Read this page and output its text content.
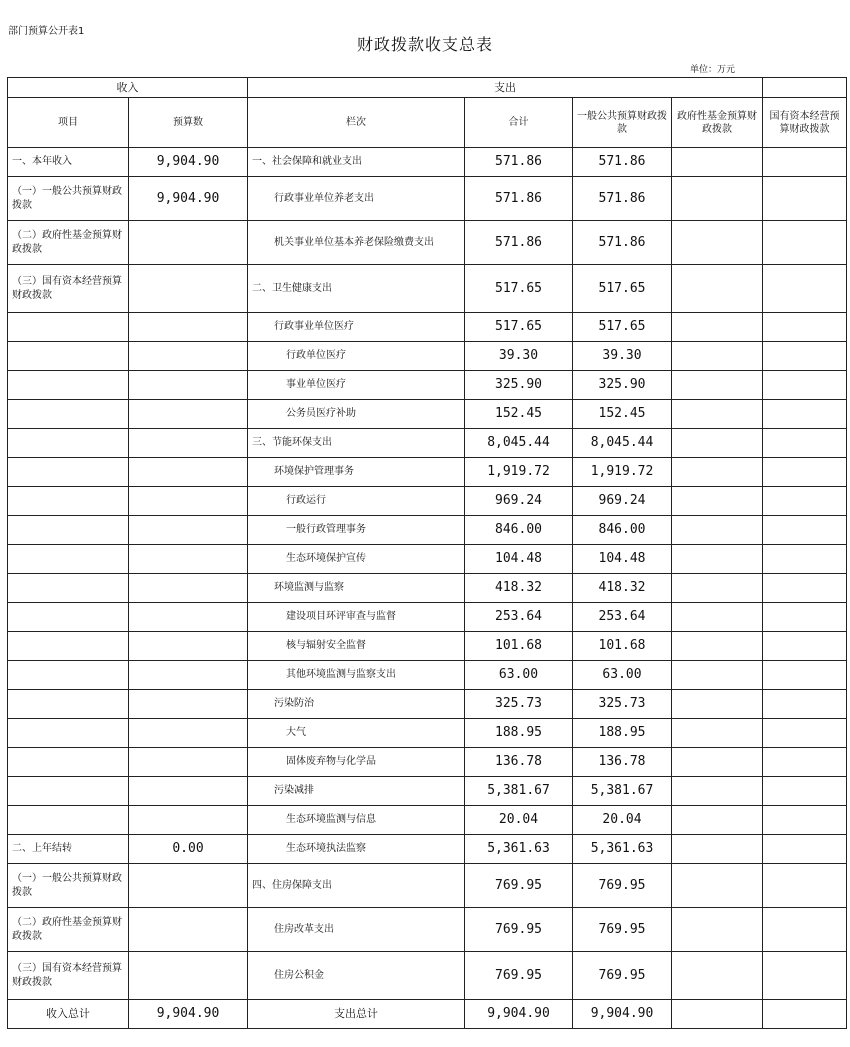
部门预算公开表1
财政拨款收支总表
单位：万元
收入		支出				
项目	预算数	栏次	合计	一般公共预算财政拨款	政府性基金预算财政拨款	国有资本经营预算财政拨款
一、本年收入	9,904.90	一、社会保障和就业支出	571.86	571.86		
（一）一般公共预算财政拨款	9,904.90	行政事业单位养老支出	571.86	571.86		
（二）政府性基金预算财政拨款		机关事业单位基本养老保险缴费支出	571.86	571.86		
（三）国有资本经营预算财政拨款		二、卫生健康支出	517.65	517.65		
		行政事业单位医疗	517.65	517.65		
		行政单位医疗	39.30	39.30		
		事业单位医疗	325.90	325.90		
		公务员医疗补助	152.45	152.45		
		三、节能环保支出	8,045.44	8,045.44		
		环境保护管理事务	1,919.72	1,919.72		
		行政运行	969.24	969.24		
		一般行政管理事务	846.00	846.00		
		生态环境保护宣传	104.48	104.48		
		环境监测与监察	418.32	418.32		
		建设项目环评审查与监督	253.64	253.64		
		核与辐射安全监督	101.68	101.68		
		其他环境监测与监察支出	63.00	63.00		
		污染防治	325.73	325.73		
		大气	188.95	188.95		
		固体废弃物与化学品	136.78	136.78		
		污染减排	5,381.67	5,381.67		
		生态环境监测与信息	20.04	20.04		
二、上年结转	0.00	生态环境执法监察	5,361.63	5,361.63		
（一）一般公共预算财政拨款		四、住房保障支出	769.95	769.95		
（二）政府性基金预算财政拨款		住房改革支出	769.95	769.95		
（三）国有资本经营预算财政拨款		住房公积金	769.95	769.95		
收入总计	9,904.90	支出总计	9,904.90	9,904.90		
